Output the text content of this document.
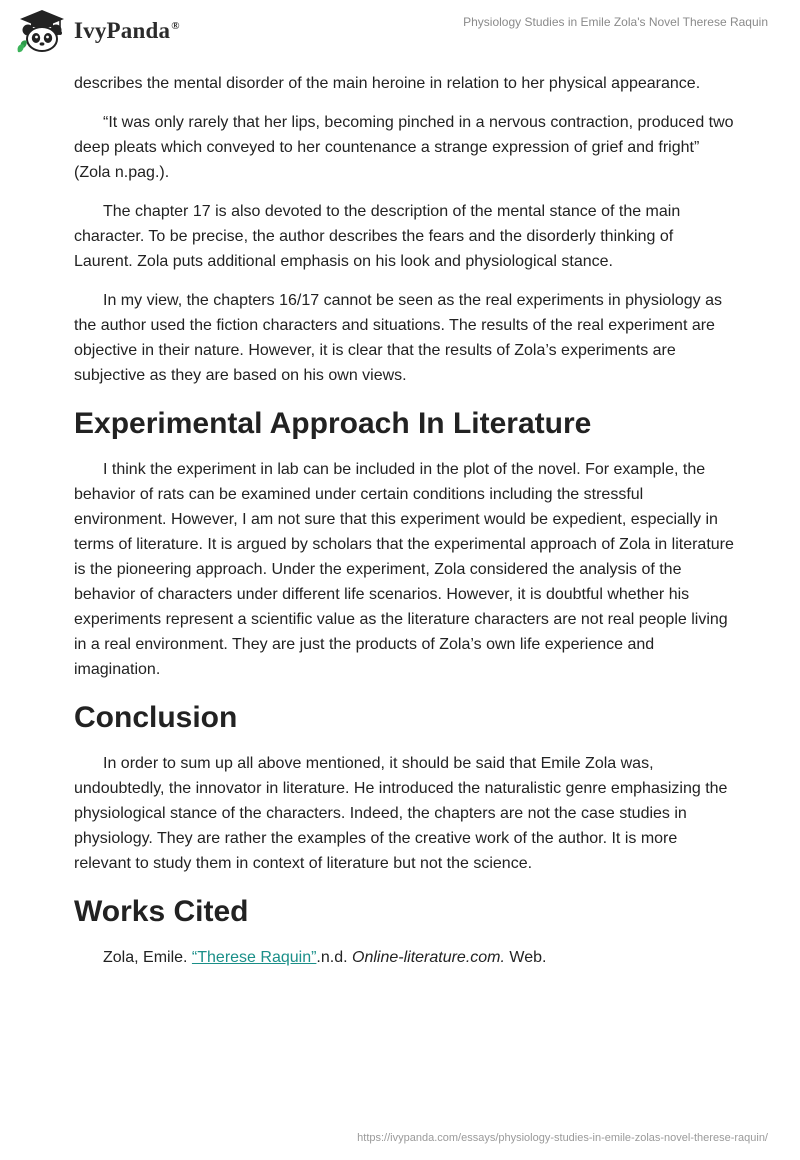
IvyPanda®	Physiology Studies in Emile Zola's Novel Therese Raquin

describes the mental disorder of the main heroine in relation to her physical appearance.

“It was only rarely that her lips, becoming pinched in a nervous contraction, produced two deep pleats which conveyed to her countenance a strange expression of grief and fright” (Zola n.pag.).

The chapter 17 is also devoted to the description of the mental stance of the main character. To be precise, the author describes the fears and the disorderly thinking of Laurent. Zola puts additional emphasis on his look and physiological stance.

In my view, the chapters 16/17 cannot be seen as the real experiments in physiology as the author used the fiction characters and situations. The results of the real experiment are objective in their nature. However, it is clear that the results of Zola’s experiments are subjective as they are based on his own views.

Experimental Approach In Literature

I think the experiment in lab can be included in the plot of the novel. For example, the behavior of rats can be examined under certain conditions including the stressful environment. However, I am not sure that this experiment would be expedient, especially in terms of literature. It is argued by scholars that the experimental approach of Zola in literature is the pioneering approach. Under the experiment, Zola considered the analysis of the behavior of characters under different life scenarios. However, it is doubtful whether his experiments represent a scientific value as the literature characters are not real people living in a real environment. They are just the products of Zola’s own life experience and imagination.

Conclusion

In order to sum up all above mentioned, it should be said that Emile Zola was, undoubtedly, the innovator in literature. He introduced the naturalistic genre emphasizing the physiological stance of the characters. Indeed, the chapters are not the case studies in physiology. They are rather the examples of the creative work of the author. It is more relevant to study them in context of literature but not the science.

Works Cited

Zola, Emile. “Therese Raquin”.n.d. Online-literature.com. Web.

https://ivypanda.com/essays/physiology-studies-in-emile-zolas-novel-therese-raquin/
